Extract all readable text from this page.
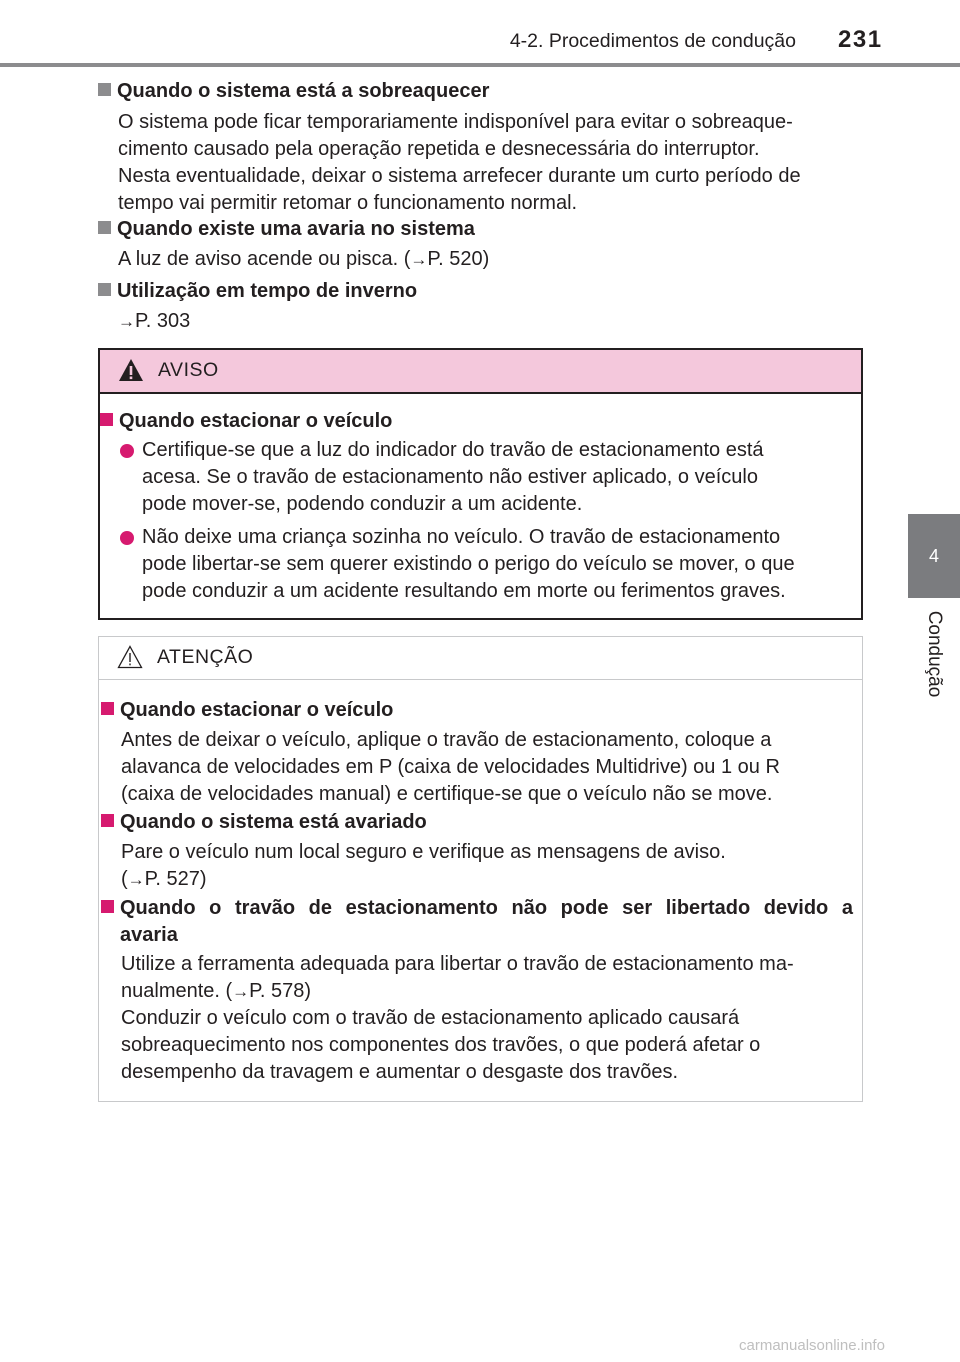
4-2. Procedimentos de condução 231
4
Condução
Quando o sistema está a sobreaquecer
O sistema pode ficar temporariamente indisponível para evitar o sobreaque-
cimento causado pela operação repetida e desnecessária do interruptor.
Nesta eventualidade, deixar o sistema arrefecer durante um curto período de
tempo vai permitir retomar o funcionamento normal.
Quando existe uma avaria no sistema
A luz de aviso acende ou pisca. (→P. 520)
Utilização em tempo de inverno
→P. 303
AVISO
Quando estacionar o veículo
Certifique-se que a luz do indicador do travão de estacionamento está
acesa. Se o travão de estacionamento não estiver aplicado, o veículo
pode mover-se, podendo conduzir a um acidente.
Não deixe uma criança sozinha no veículo. O travão de estacionamento
pode libertar-se sem querer existindo o perigo do veículo se mover, o que
pode conduzir a um acidente resultando em morte ou ferimentos graves.
ATENÇÃO
Quando estacionar o veículo
Antes de deixar o veículo, aplique o travão de estacionamento, coloque a
alavanca de velocidades em P (caixa de velocidades Multidrive) ou 1 ou R
(caixa de velocidades manual) e certifique-se que o veículo não se move.
Quando o sistema está avariado
Pare o veículo num local seguro e verifique as mensagens de aviso.
(→P. 527)
Quando o travão de estacionamento não pode ser libertado devido a
avaria
Utilize a ferramenta adequada para libertar o travão de estacionamento ma-
nualmente. (→P. 578)
Conduzir o veículo com o travão de estacionamento aplicado causará
sobreaquecimento nos componentes dos travões, o que poderá afetar o
desempenho da travagem e aumentar o desgaste dos travões.
carmanualsonline.info
